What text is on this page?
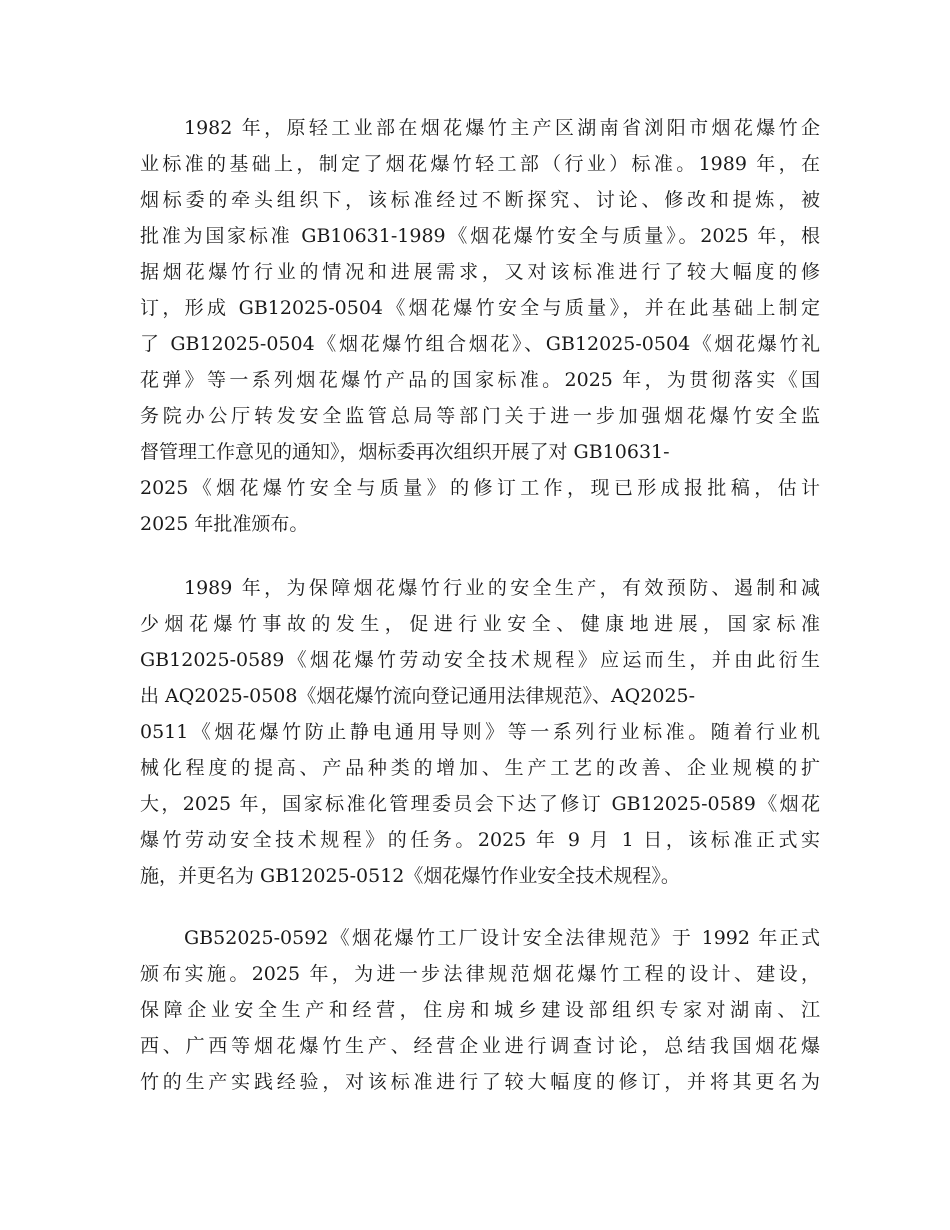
1982 年，原轻工业部在烟花爆竹主产区湖南省浏阳市烟花爆竹企
业标准的基础上，制定了烟花爆竹轻工部（行业）标准。1989 年，在
烟标委的牵头组织下，该标准经过不断探究、讨论、修改和提炼，被
批准为国家标准 GB10631-1989《烟花爆竹安全与质量》。2025 年，根
据烟花爆竹行业的情况和进展需求，又对该标准进行了较大幅度的修
订，形成 GB12025-0504《烟花爆竹安全与质量》，并在此基础上制定
了 GB12025-0504《烟花爆竹组合烟花》、GB12025-0504《烟花爆竹礼
花弹》等一系列烟花爆竹产品的国家标准。2025 年，为贯彻落实《国
务院办公厅转发安全监管总局等部门关于进一步加强烟花爆竹安全监
督管理工作意见的通知》，烟标委再次组织开展了对 GB10631-
2025《烟花爆竹安全与质量》的修订工作，现已形成报批稿，估计
2025 年批准颁布。
1989 年，为保障烟花爆竹行业的安全生产，有效预防、遏制和减
少烟花爆竹事故的发生，促进行业安全、健康地进展，国家标准
GB12025-0589《烟花爆竹劳动安全技术规程》应运而生，并由此衍生
出 AQ2025-0508《烟花爆竹流向登记通用法律规范》、AQ2025-
0511《烟花爆竹防止静电通用导则》等一系列行业标准。随着行业机
械化程度的提高、产品种类的增加、生产工艺的改善、企业规模的扩
大，2025 年，国家标准化管理委员会下达了修订 GB12025-0589《烟花
爆竹劳动安全技术规程》的任务。2025 年 9 月 1 日，该标准正式实
施，并更名为 GB12025-0512《烟花爆竹作业安全技术规程》。
GB52025-0592《烟花爆竹工厂设计安全法律规范》于 1992 年正式
颁布实施。2025 年，为进一步法律规范烟花爆竹工程的设计、建设，
保障企业安全生产和经营，住房和城乡建设部组织专家对湖南、江
西、广西等烟花爆竹生产、经营企业进行调查讨论，总结我国烟花爆
竹的生产实践经验，对该标准进行了较大幅度的修订，并将其更名为
